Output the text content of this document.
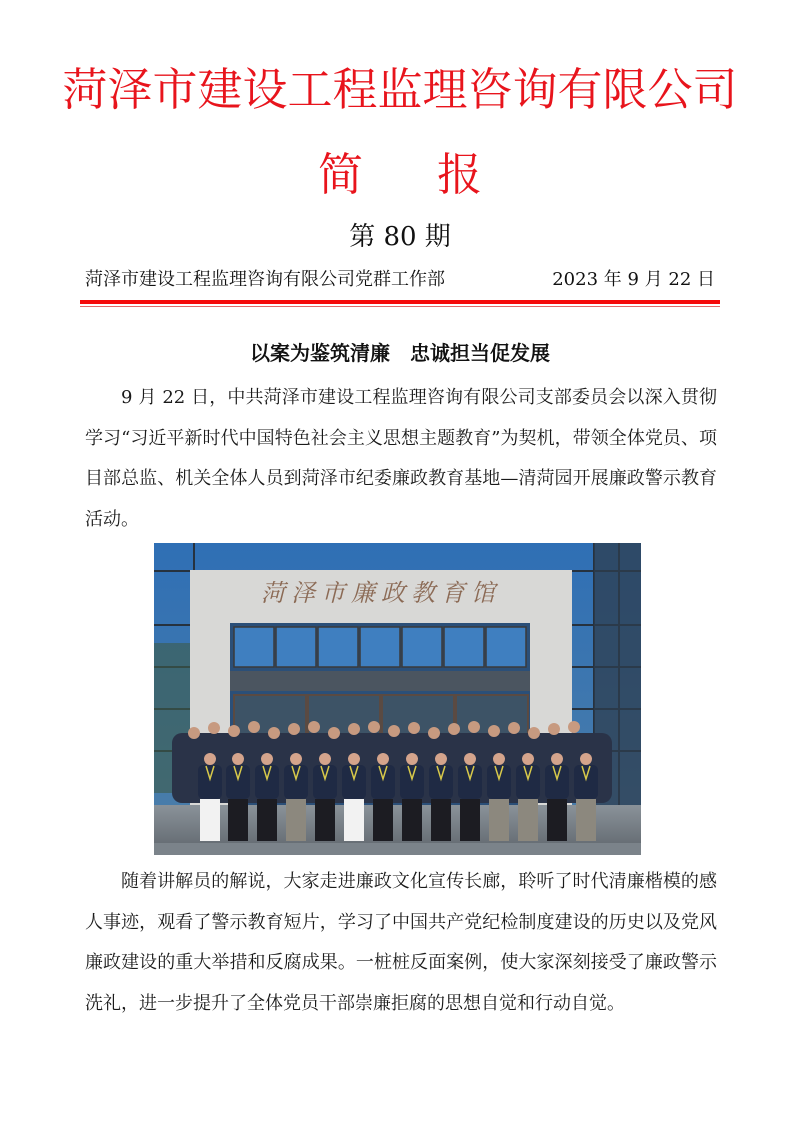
菏泽市建设工程监理咨询有限公司
简 报
第 80 期
菏泽市建设工程监理咨询有限公司党群工作部	2023 年 9 月 22 日
以案为鉴筑清廉　忠诚担当促发展

9 月 22 日，中共菏泽市建设工程监理咨询有限公司支部委员会以深入贯彻学习“习近平新时代中国特色社会主义思想主题教育”为契机，带领全体党员、项目部总监、机关全体人员到菏泽市纪委廉政教育基地—清菏园开展廉政警示教育活动。

菏泽市廉政教育馆

随着讲解员的解说，大家走进廉政文化宣传长廊，聆听了时代清廉楷模的感人事迹，观看了警示教育短片，学习了中国共产党纪检制度建设的历史以及党风廉政建设的重大举措和反腐成果。一桩桩反面案例，使大家深刻接受了廉政警示洗礼，进一步提升了全体党员干部崇廉拒腐的思想自觉和行动自觉。
